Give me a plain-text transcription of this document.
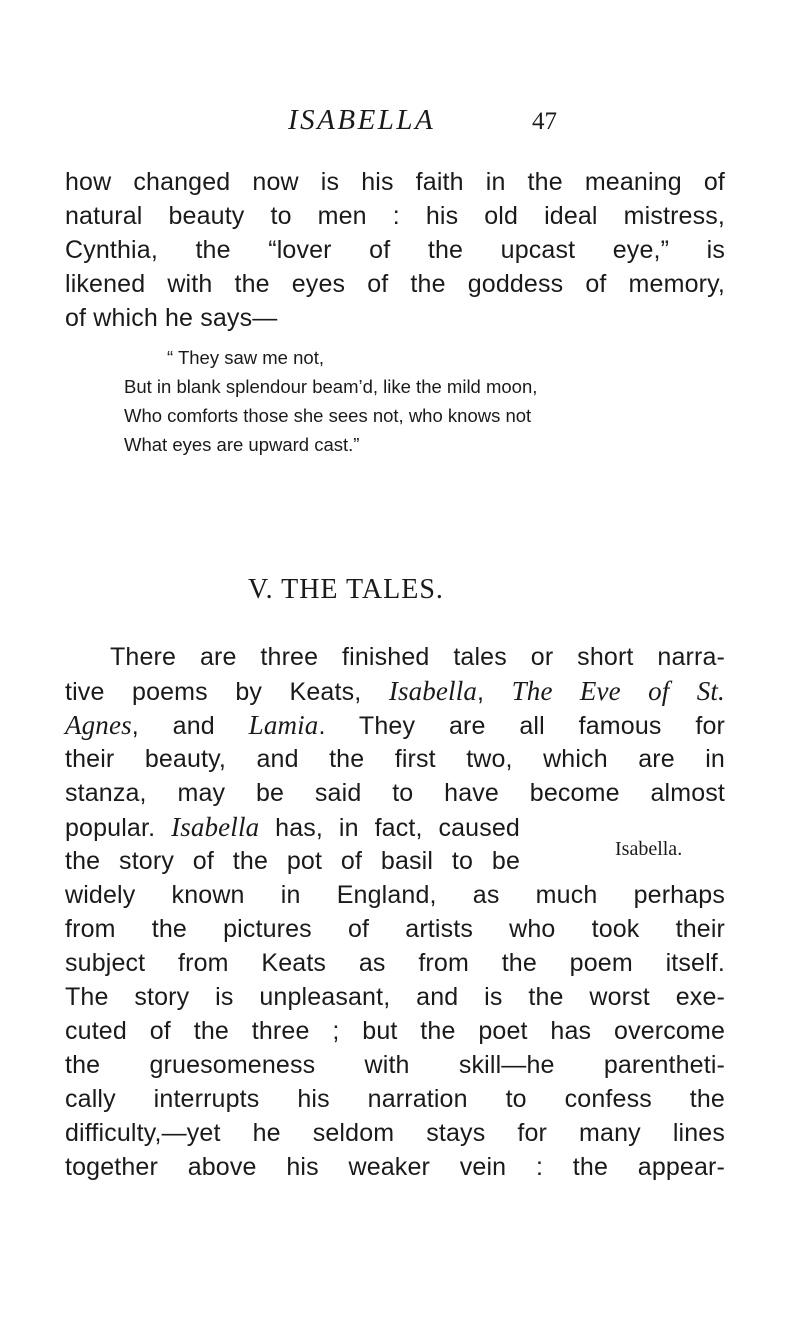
ISABELLA	47
how changed now is his faith in the meaning of
natural beauty to men : his old ideal mistress,
Cynthia, the “lover of the upcast eye,” is
likened with the eyes of the goddess of memory,
of which he says—
“ They saw me not,
But in blank splendour beam’d, like the mild moon,
Who comforts those she sees not, who knows not
What eyes are upward cast.”
V. THE TALES.
There are three finished tales or short narra-
tive poems by Keats, Isabella, The Eve of St.
Agnes, and Lamia. They are all famous for
their beauty, and the first two, which are in
stanza, may be said to have become almost
popular. Isabella has, in fact, caused
the story of the pot of basil to be
widely known in England, as much perhaps
from the pictures of artists who took their
subject from Keats as from the poem itself.
The story is unpleasant, and is the worst exe-
cuted of the three ; but the poet has overcome
the gruesomeness with skill—he parentheti-
cally interrupts his narration to confess the
difficulty,—yet he seldom stays for many lines
together above his weaker vein : the appear-
Isabella.
